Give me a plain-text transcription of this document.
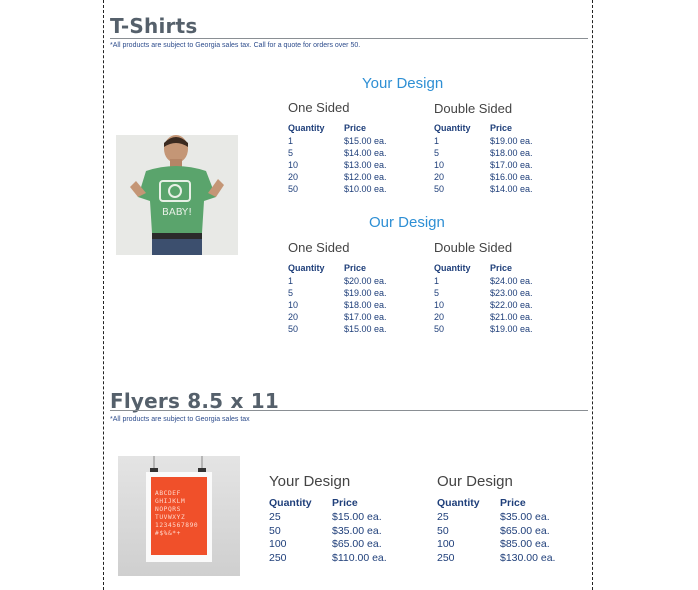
T-Shirts
*All products are subject to Georgia sales tax. Call for a quote for orders over 50.
BABY!
Your Design
One Sided
Quantity	Price
1	$15.00 ea.
5	$14.00 ea.
10	$13.00 ea.
20	$12.00 ea.
50	$10.00 ea.
Double Sided
Quantity	Price
1	$19.00 ea.
5	$18.00 ea.
10	$17.00 ea.
20	$16.00 ea.
50	$14.00 ea.
Our Design
One Sided
Quantity	Price
1	$20.00 ea.
5	$19.00 ea.
10	$18.00 ea.
20	$17.00 ea.
50	$15.00 ea.
Double Sided
Quantity	Price
1	$24.00 ea.
5	$23.00 ea.
10	$22.00 ea.
20	$21.00 ea.
50	$19.00 ea.
Flyers 8.5 x 11
*All products are subject to Georgia sales tax
ABCDEF
GHIJKLM
NOPQRS
TUVWXYZ
1234567890
#$%&*+
Your Design
Quantity	Price
25	$15.00 ea.
50	$35.00 ea.
100	$65.00 ea.
250	$110.00 ea.
Our Design
Quantity	Price
25	$35.00 ea.
50	$65.00 ea.
100	$85.00 ea.
250	$130.00 ea.
